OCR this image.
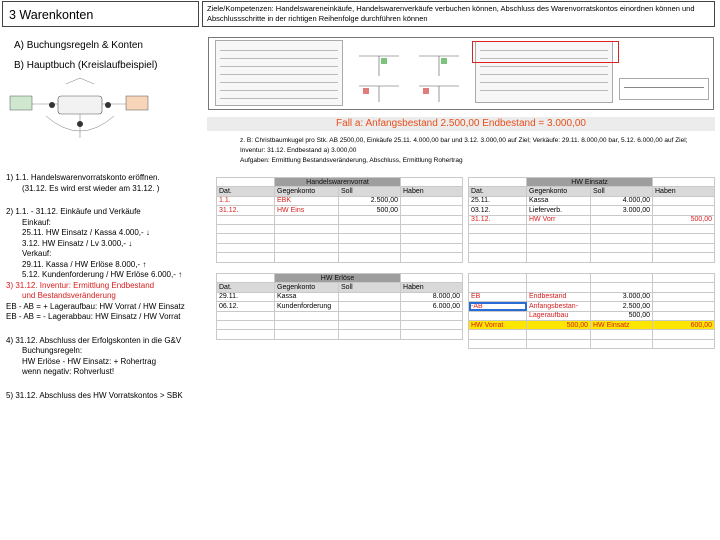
3 Warenkonten	Ziele/Kompetenzen: Handelswareneinkäufe, Handelswarenverkäufe verbuchen können, Abschluss des Warenvorratskontos einordnen können und Abschlussschritte in der richtigen Reihenfolge durchführen können
A) Buchungsregeln & Konten
B) Hauptbuch (Kreislaufbeispiel)
Fall a: Anfangsbestand 2.500,00 Endbestand = 3.000,00
z. B: Christbaumkugel pro Stk. AB 2500,00, Einkäufe 25.11. 4.000,00 bar und 3.12. 3.000,00 auf Ziel; Verkäufe: 29.11. 8.000,00 bar, 5.12. 6.000,00 auf Ziel; Inventur: 31.12. Endbestand a) 3.000,00
Aufgaben: Ermittlung Bestandsveränderung, Abschluss, Ermittlung Rohertrag
1) 1.1. Handelswarenvorratskonto eröffnen.
(31.12. Es wird erst wieder am 31.12. )
2) 1.1. - 31.12. Einkäufe und Verkäufe
Einkauf:
25.11. HW Einsatz / Kassa 4.000,- ↓
3.12. HW Einsatz / Lv 3.000,- ↓
Verkauf:
29.11. Kassa / HW Erlöse 8.000,- ↑
5.12. Kundenforderung / HW Erlöse 6.000,- ↑
3) 31.12. Inventur: Ermittlung Endbestand
und Bestandsveränderung
EB - AB = + Lageraufbau: HW Vorrat / HW Einsatz
EB - AB = - Lagerabbau: HW Einsatz / HW Vorrat
4) 31.12. Abschluss der Erfolgskonten in die G&V
Buchungsregeln:
HW Erlöse - HW Einsatz: + Rohertrag
wenn negativ: Rohverlust!
5) 31.12. Abschluss des HW Vorratskontos > SBK
	Handelswarenvorrat		
Dat.	Gegenkonto	Soll	Haben
1.1.	EBK	2.500,00	
31.12.	HW Eins	500,00	

	HW Einsatz		
Dat.	Gegenkonto	Soll	Haben
25.11.	Kassa	4.000,00	
03.12.	Lieferverb.	3.000,00	
31.12.	HW Vorr		500,00

	HW Erlöse		
Dat.	Gegenkonto	Soll	Haben
29.11.	Kassa		8.000,00
06.12.	Kundenforderung		6.000,00

EB	Endbestand	3.000,00	
-AB	Anfangsbestan-	2.500,00	
	Lageraufbau	500,00	
HW Vorrat	500,00	HW Einsatz	600,00
